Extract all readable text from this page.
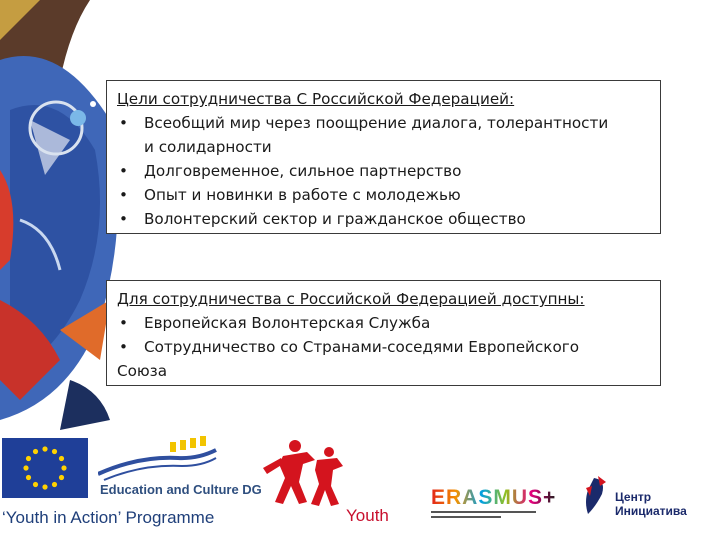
Цели сотрудничества С Российской Федерацией:
• Всеобщий мир через поощрение диалога, толерантности
и солидарности
• Долговременное, сильное партнерство
• Опыт и новинки в работе с молодежью
• Волонтерский сектор и гражданское общество
Для сотрудничества с Российской Федерацией доступны:
• Европейская Волонтерская Служба
• Сотрудничество со Странами-соседями Европейского
Союза
‘Youth in Action’ Programme
Education and Culture DG
Youth
ERASMUS+	Центр
Инициатива
